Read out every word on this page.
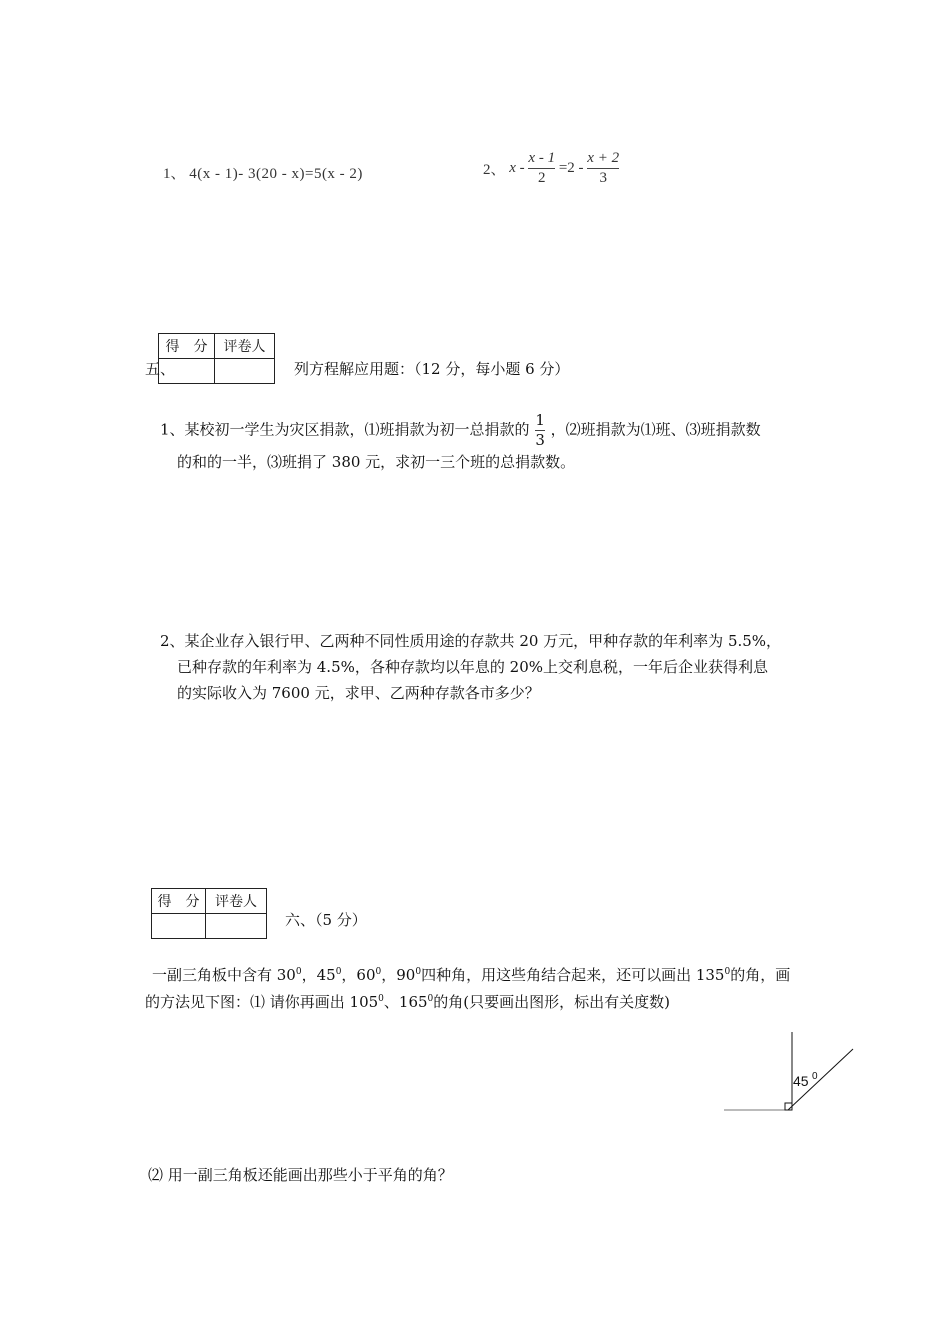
1、 4(x - 1)- 3(20 - x)=5(x - 2)	2、 $x - \frac{x - 1}{2} =2 - \frac{x + 2}{3}$
得　分	评卷人

五、	列方程解应用题：（12 分，每小题 6 分）
1、某校初一学生为灾区捐款，⑴班捐款为初一总捐款的 $\frac{1}{3}$ ，⑵班捐款为⑴班、⑶班捐款数
的和的一半，⑶班捐了 380 元，求初一三个班的总捐款数。
2、某企业存入银行甲、乙两种不同性质用途的存款共 20 万元，甲种存款的年利率为 5.5%，
已种存款的年利率为 4.5%，各种存款均以年息的 20%上交利息税，一年后企业获得利息
的实际收入为 7600 元，求甲、乙两种存款各市多少？
得　分	评卷人

六、（5 分）
一副三角板中含有 $30^0$，$45^0$，$60^0$，$90^0$四种角，用这些角结合起来，还可以画出 $135^0$的角，画
的方法见下图：⑴ 请你再画出 $105^0$、$165^0$的角(只要画出图形，标出有关度数)
45 0
⑵ 用一副三角板还能画出那些小于平角的角？
